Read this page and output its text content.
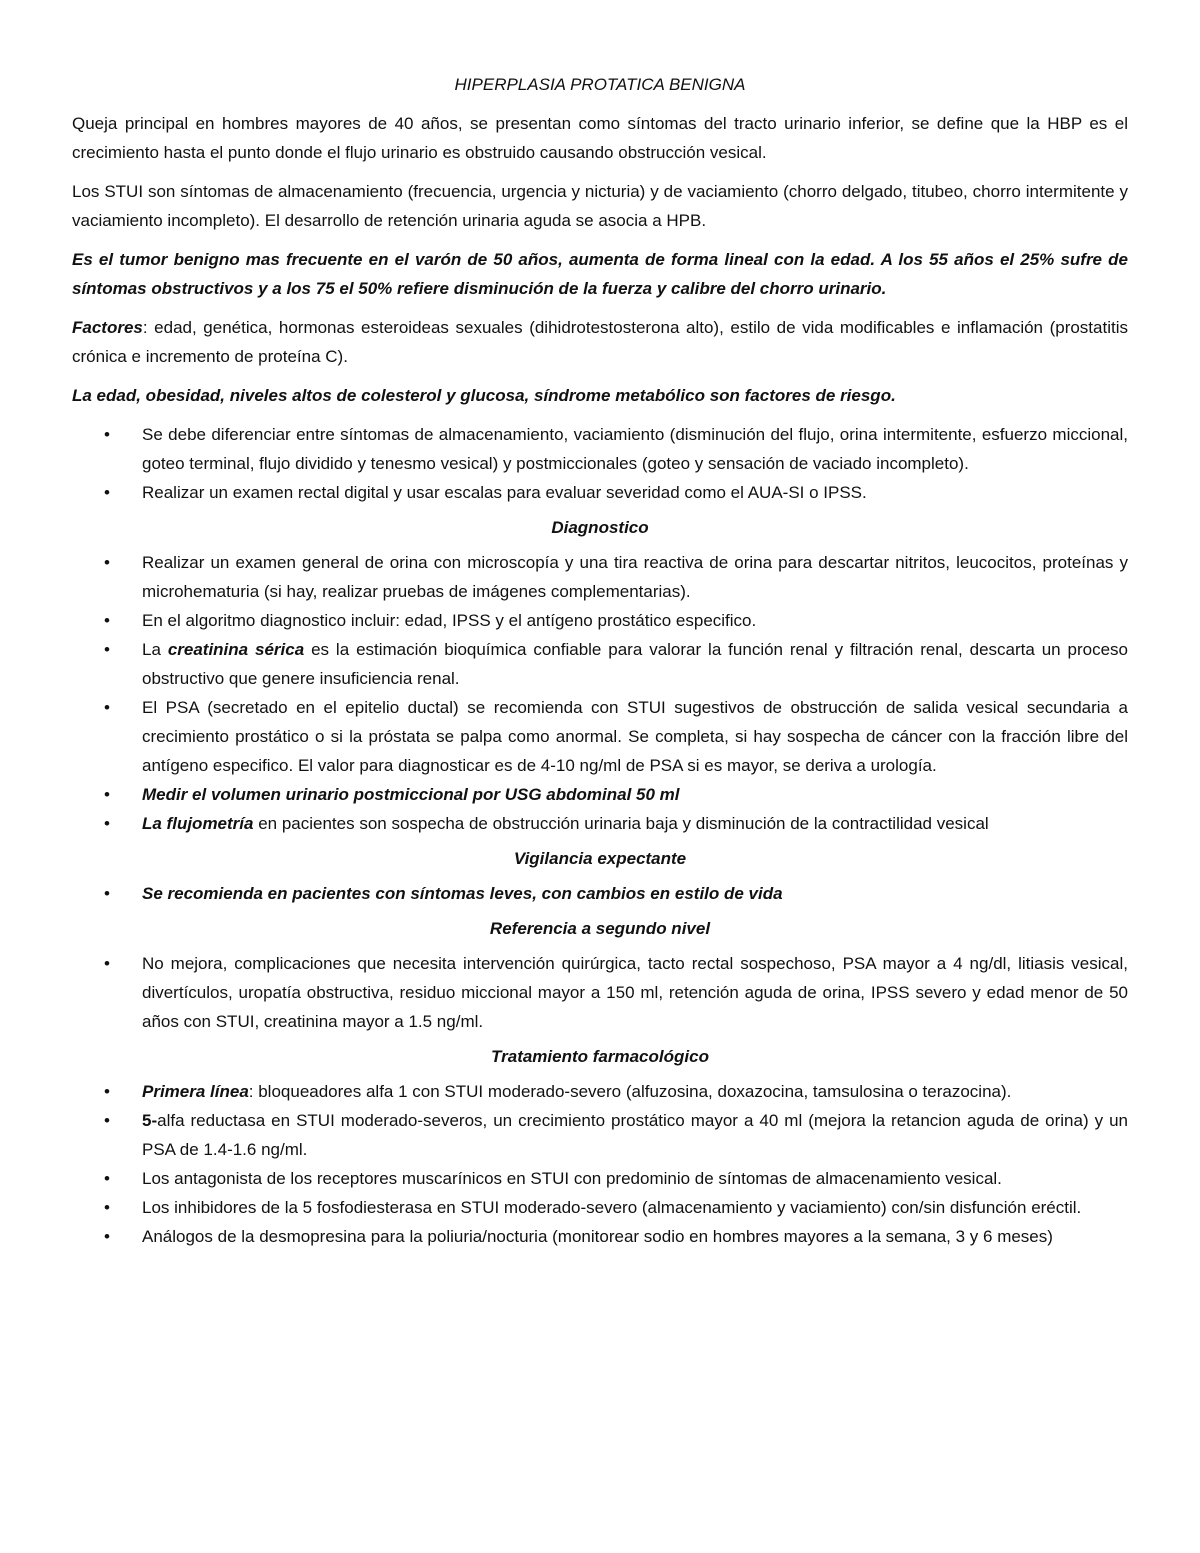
HIPERPLASIA PROTATICA BENIGNA

Queja principal en hombres mayores de 40 años, se presentan como síntomas del tracto urinario inferior, se define que la HBP es el crecimiento hasta el punto donde el flujo urinario es obstruido causando obstrucción vesical.

Los STUI son síntomas de almacenamiento (frecuencia, urgencia y nicturia) y de vaciamiento (chorro delgado, titubeo, chorro intermitente y vaciamiento incompleto). El desarrollo de retención urinaria aguda se asocia a HPB.

Es el tumor benigno mas frecuente en el varón de 50 años, aumenta de forma lineal con la edad. A los 55 años el 25% sufre de síntomas obstructivos y a los 75 el 50% refiere disminución de la fuerza y calibre del chorro urinario.

Factores: edad, genética, hormonas esteroideas sexuales (dihidrotestosterona alto), estilo de vida modificables e inflamación (prostatitis crónica e incremento de proteína C).

La edad, obesidad, niveles altos de colesterol y glucosa, síndrome metabólico son factores de riesgo.

• Se debe diferenciar entre síntomas de almacenamiento, vaciamiento (disminución del flujo, orina intermitente, esfuerzo miccional, goteo terminal, flujo dividido y tenesmo vesical) y postmiccionales (goteo y sensación de vaciado incompleto).
• Realizar un examen rectal digital y usar escalas para evaluar severidad como el AUA-SI o IPSS.
Diagnostico
• Realizar un examen general de orina con microscopía y una tira reactiva de orina para descartar nitritos, leucocitos, proteínas y microhematuria (si hay, realizar pruebas de imágenes complementarias).
• En el algoritmo diagnostico incluir: edad, IPSS y el antígeno prostático especifico.
• La creatinina sérica es la estimación bioquímica confiable para valorar la función renal y filtración renal, descarta un proceso obstructivo que genere insuficiencia renal.
• El PSA (secretado en el epitelio ductal) se recomienda con STUI sugestivos de obstrucción de salida vesical secundaria a crecimiento prostático o si la próstata se palpa como anormal. Se completa, si hay sospecha de cáncer con la fracción libre del antígeno especifico. El valor para diagnosticar es de 4-10 ng/ml de PSA si es mayor, se deriva a urología.
• Medir el volumen urinario postmiccional por USG abdominal 50 ml
• La flujometría en pacientes son sospecha de obstrucción urinaria baja y disminución de la contractilidad vesical
Vigilancia expectante
• Se recomienda en pacientes con síntomas leves, con cambios en estilo de vida
Referencia a segundo nivel
• No mejora, complicaciones que necesita intervención quirúrgica, tacto rectal sospechoso, PSA mayor a 4 ng/dl, litiasis vesical, divertículos, uropatía obstructiva, residuo miccional mayor a 150 ml, retención aguda de orina, IPSS severo y edad menor de 50 años con STUI, creatinina mayor a 1.5 ng/ml.
Tratamiento farmacológico
• Primera línea: bloqueadores alfa 1 con STUI moderado-severo (alfuzosina, doxazocina, tamsulosina o terazocina).
• 5-alfa reductasa en STUI moderado-severos, un crecimiento prostático mayor a 40 ml (mejora la retancion aguda de orina) y un PSA de 1.4-1.6 ng/ml.
• Los antagonista de los receptores muscarínicos en STUI con predominio de síntomas de almacenamiento vesical.
• Los inhibidores de la 5 fosfodiesterasa en STUI moderado-severo (almacenamiento y vaciamiento) con/sin disfunción eréctil.
• Análogos de la desmopresina para la poliuria/nocturia (monitorear sodio en hombres mayores a la semana, 3 y 6 meses)
